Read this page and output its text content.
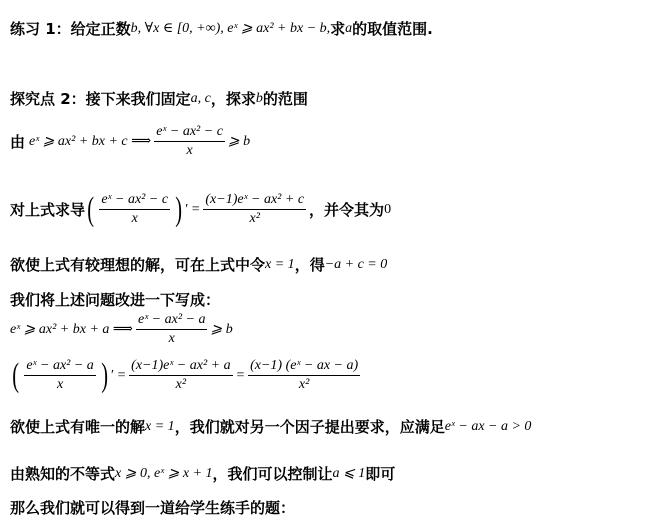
练习 1：给定正数 b, ∀x ∈ [0, +∞), eˣ ⩾ ax² + bx − b, 求 a 的取值范围.
探究点 2：接下来我们固定 a, c ，探求 b 的范围
由 eˣ ⩾ ax² + bx + c ⟹ $\frac{\text{eˣ − ax² − c}}{x}$ ⩾ b
对上式求导 ( $\frac{\text{eˣ − ax² − c}}{x}$ ) ′ = $\frac{\text{(x−1)eˣ − ax² + c}}{\text{x²}}$ ，并令其为 0
欲使上式有较理想的解，可在上式中令 x = 1 ，得 −a + c = 0
我们将上述问题改进一下写成：
eˣ ⩾ ax² + bx + a ⟹ $\frac{\text{eˣ − ax² − a}}{x}$ ⩾ b
( $\frac{\text{eˣ − ax² − a}}{x}$ ) ′ = $\frac{\text{(x−1)eˣ − ax² + a}}{\text{x²}} = \frac{\text{(x−1) (eˣ − ax − a)}}{\text{x²}}$
欲使上式有唯一的解 x = 1 ，我们就对另一个因子提出要求，应满足 eˣ − ax − a > 0
由熟知的不等式 x ⩾ 0, eˣ ⩾ x + 1 ，我们可以控制让 a ⩽ 1 即可
那么我们就可以得到一道给学生练手的题：
